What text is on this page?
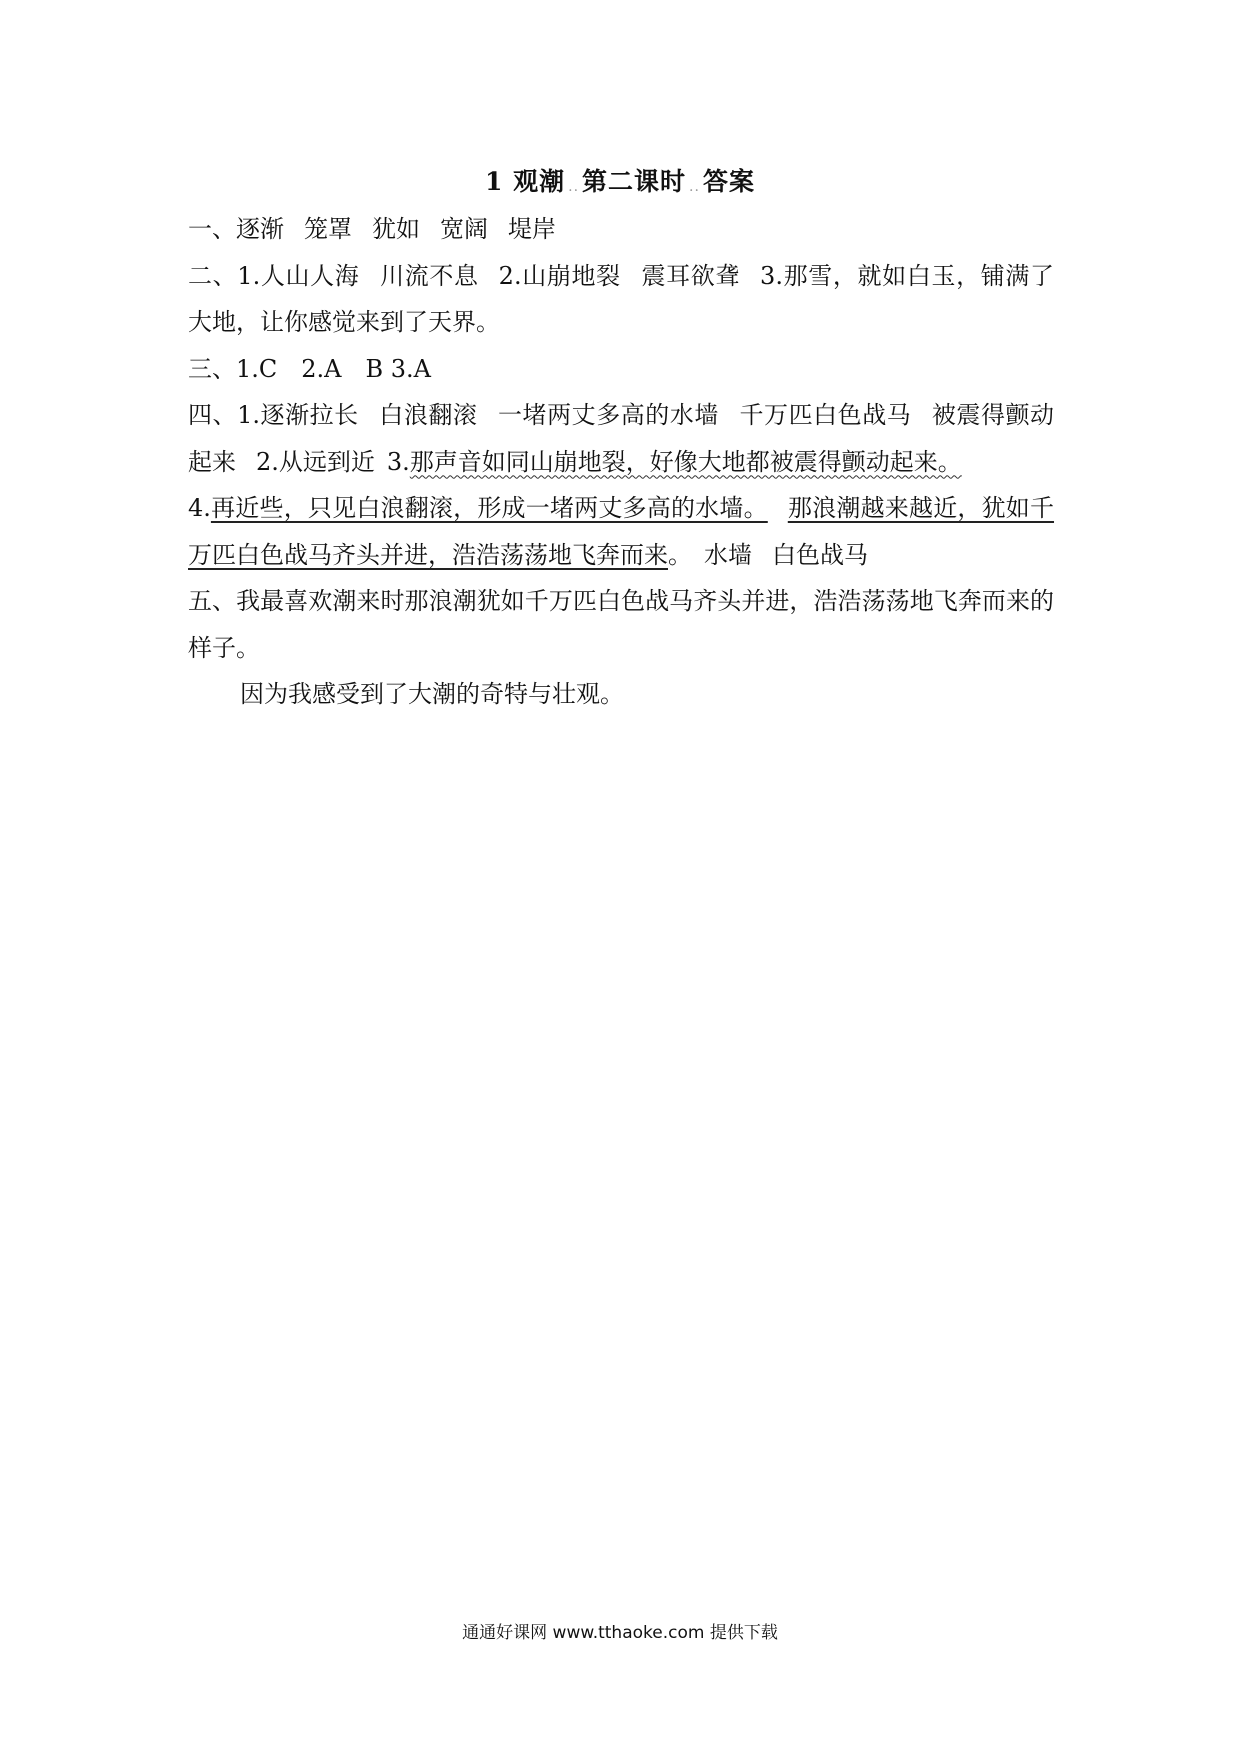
1 观潮 .. 第二课时 .. 答案

一、逐渐 笼罩 犹如 宽阔 堤岸

二、1.人山人海 川流不息 2.山崩地裂 震耳欲聋 3.那雪，就如白玉，铺满了大地，让你感觉来到了天界。

三、1.C　2.A　B 3.A

四、1.逐渐拉长 白浪翻滚 一堵两丈多高的水墙 千万匹白色战马 被震得颤动起来 2.从远到近 3.那声音如同山崩地裂，好像大地都被震得颤动起来。
4.再近些，只见白浪翻滚，形成一堵两丈多高的水墙。 那浪潮越来越近，犹如千万匹白色战马齐头并进，浩浩荡荡地飞奔而来。 水墙 白色战马

五、我最喜欢潮来时那浪潮犹如千万匹白色战马齐头并进，浩浩荡荡地飞奔而来的样子。

因为我感受到了大潮的奇特与壮观。

通通好课网 www.tthaoke.com 提供下载
